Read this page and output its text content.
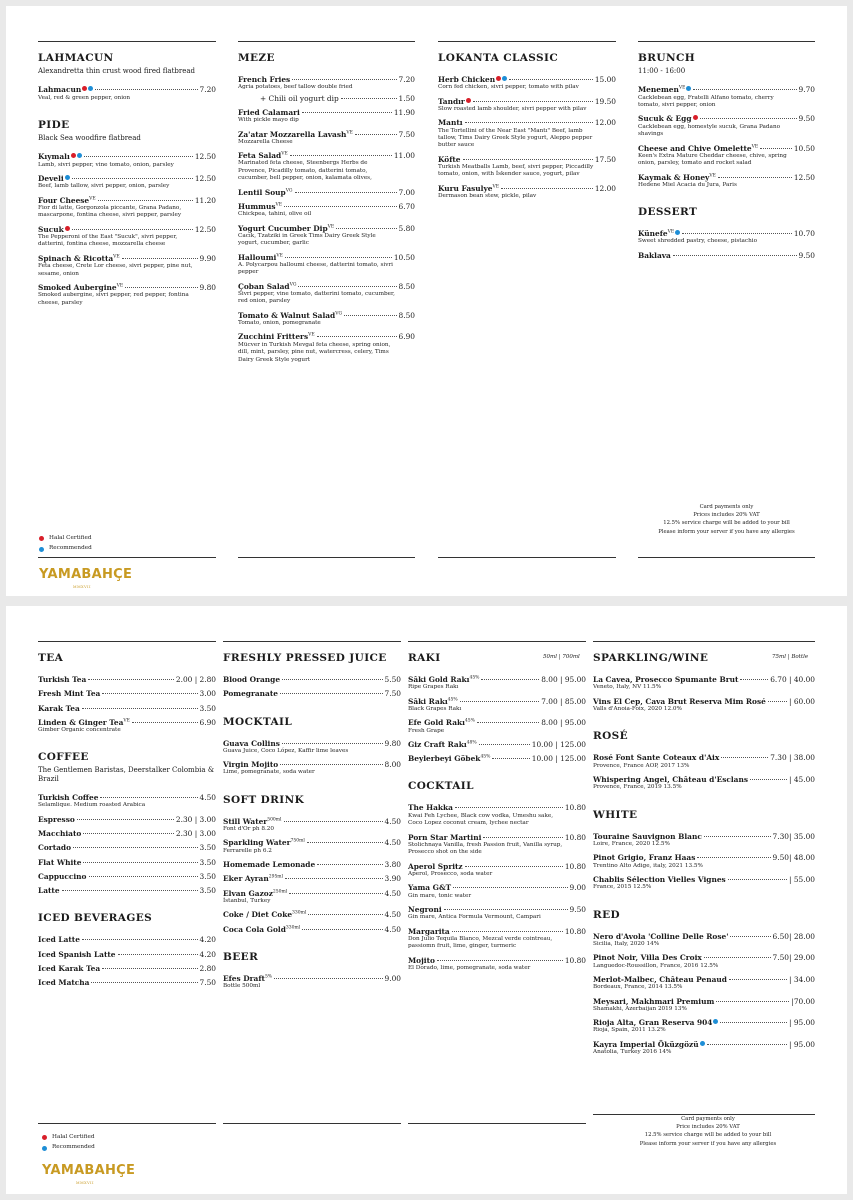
LAHMACUN
Alexandretta thin crust wood fired flatbread
Lahmacun	7.20
Veal, red & green pepper, onion
PIDE
Black Sea woodfire flatbread
Kıymalı	12.50
Lamb, sivri pepper, vine tomato, onion, parsley
Develi	12.50
Beef, lamb tallow, sivri pepper, onion, parsley
Four Cheese$^{VE}$	11.20
Fior di latte, Gorgonzola piccante, Grana Padano, mascarpone, fontina cheese, sivri pepper, parsley
Sucuk	12.50
The Pepperoni of the East "Sucuk", sivri pepper, datterini, fontina cheese, mozzarella cheese
Spinach & Ricotta$^{VE}$	9.90
Feta cheese, Crete Lor cheese, sivri pepper, pine nut, sesame, onion
Smoked Aubergine$^{VE}$	9.80
Smoked aubergine, sivri pepper, red pepper, fontina cheese, parsley
MEZE
French Fries	7.20
Agria potatoes, beef tallow double fried
+ Chili oil yogurt dip	1.50
Fried Calamari	11.90
With pickle mayo dip
Za'atar Mozzarella Lavash$^{VE}$	7.50
Mozzarella Cheese
Feta Salad$^{VE}$	11.00
Marinated feta cheese, Steenbergs Herbs de Provence, Picadilly tomato, datterini tomato, cucumber, bell pepper, onion, kalamata olives,
Lentil Soup$^{VG}$	7.00
Hummus$^{VE}$	6.70
Chickpea, tahini, olive oil
Yogurt Cucumber Dip$^{VE}$	5.80
Cacık, Tzatziki in Greek Tims Dairy Greek Style yogurt, cucumber, garlic
Halloumi$^{VE}$	10.50
A. Polycarpou halloumi cheese, datterini tomato, sivri pepper
Çoban Salad$^{VG}$	8.50
Sivri pepper, vine tomato, datterini tomato, cucumber, red onion, parsley
Tomato & Walnut Salad$^{VG}$	8.50
Tomato, onion, pomegranate
Zucchini Fritters$^{VE}$	6.90
Mücver in Turkish Mevgal feta cheese, spring onion, dill, mint, parsley, pine nut, watercress, celery, Tims Dairy Greek Style yogurt
LOKANTA CLASSIC
Herb Chicken	15.00
Corn fed chicken, sivri pepper, tomato with pilav
Tandır	19.50
Slow roasted lamb shoulder, sivri pepper with pilav
Mantı	12.00
The Tortellini of the Near East "Mantı" Beef, lamb tallow, Tims Dairy Greek Style yogurt, Aleppo pepper butter sauce
Köfte	17.50
Turkish Meatballs Lamb, beef, sivri pepper, Piccadilly tomato, onion, with İskender sauce, yogurt, pilav
Kuru Fasulye$^{VE}$	12.00
Dermason bean stew, pickle, pilav
BRUNCH
11:00 - 16:00
Menemen$^{VE}$	9.70
Cacklebean egg, Fratelli Alfano tomato, cherry tomato, sivri pepper, onion
Sucuk & Egg	9.50
Cacklebean egg, homestyle sucuk, Grana Padano shavings
Cheese and Chive Omelette$^{VE}$	10.50
Keen's Extra Mature Cheddar cheese, chive, spring onion, parsley, tomato and rocket salad
Kaymak & Honey$^{VE}$	12.50
Hedene Miel Acacia du Jura, Paris
DESSERT
Künefe$^{VE}$	10.70
Sweet shredded pastry, cheese, pistachio
Baklava	9.50
Card payments only
Prices includes 20% VAT
12.5% service charge will be added to your bill
Please inform your server if you have any allergies
Halal Certified
Recommended
YAMABAHÇE
MMXVII
TEA
Turkish Tea	2.00 | 2.80
Fresh Mint Tea	3.00
Karak Tea	3.50
Linden & Ginger Tea$^{VE}$	6.90
Gimber Organic concentrate
COFFEE
The Gentlemen Baristas, Deerstalker Colombia & Brazil
Turkish Coffee	4.50
Selamlique. Medium roasted Arabica
Espresso	2.30 | 3.00
Macchiato	2.30 | 3.00
Cortado	3.50
Flat White	3.50
Cappuccino	3.50
Latte	3.50
ICED BEVERAGES
Iced Latte	4.20
Iced Spanish Latte	4.20
Iced Karak Tea	2.80
Iced Matcha	7.50
FRESHLY PRESSED JUICE
Blood Orange	5.50
Pomegranate	7.50
MOCKTAIL
Guava Collins	9.80
Guava Juice, Coco López, Kaffir lime leaves
Virgin Mojito	8.00
Lime, pomegranate, soda water
SOFT DRINK
Still Water$^{500ml}$	4.50
Font d'Or ph 8.20
Sparkling Water$^{750ml}$	4.50
Ferrarelle ph 6.2
Homemade Lemonade	3.80
Eker Ayran$^{295ml}$	3.90
Elvan Gazoz$^{250ml}$	4.50
İstanbul, Turkey
Coke / Diet Coke$^{330ml}$	4.50
Coca Cola Gold$^{330ml}$	4.50
BEER
Efes Draft$^{5\%}$	9.00
Bottle 500ml
RAKI
Sâki Gold Rakı$^{45\%}$	8.00 | 95.00
Ripe Grapes Rakı
Sâki Rakı$^{45\%}$	7.00 | 85.00
Black Grapes Rakı
Efe Gold Rakı$^{45\%}$	8.00 | 95.00
Fresh Grape
Giz Craft Rakı$^{48\%}$	10.00 | 125.00
Beylerbeyi Göbek$^{45\%}$	10.00 | 125.00
COCKTAIL
The Hakka	10.80
Kwai Feh Lychee, Black cow vodka, Umeshu sake, Coco Lopez coconut cream, lychee nectar
Porn Star Martini	10.80
Stolichnaya Vanilla, fresh Passion fruit, Vanilla syrup, Prosecco shot on the side
Aperol Spritz	10.80
Aperol, Prosecco, soda water
Yama G&T	9.00
Gin mare, tonic water
Negroni	9.50
Gin mare, Antica Formula Vermount, Campari
Margarita	10.80
Don Julio Tequila Blanco, Mezcal verde cointreau, passiomn fruit, lime, ginger, turmeric
Mojito	10.80
El Dorado, lime, pomegranate, soda water
SPARKLING/WINE
La Cavea, Prosecco Spumante Brut	6.70 | 40.00
Veneto, Italy, NV 11.5%
Vins El Cep, Cava Brut Reserva Mim Rosé	| 60.00
Valls d'Anoia-Foix, 2020 12.0%
ROSÉ
Rosé Font Sante Coteaux d'Aix	7.30 | 38.00
Provence, France AOP, 2017 13%
Whispering Angel, Château d'Esclans	| 45.00
Provence, France, 2019 13.5%
WHITE
Touraine Sauvignon Blanc	7.30| 35.00
Loire, France, 2020 12.5%
Pinot Grigio, Franz Haas	9.50| 48.00
Trentino Alto Adige, italy, 2021 13.5%
Chablis Sélection Vielles Vignes	| 55.00
France, 2015 12.5%
RED
Nero d'Avola 'Colline Delle Rose'	6.50| 28.00
Sicilia, Italy, 2020 14%
Pinot Noir, Villa Des Croix	7.50| 29.00
Languedoc-Roussillon, France, 2016 12.5%
Merlot-Malbec, Château Penaud	| 34.00
Bordeaux, France, 2014 13.5%
Meysari, Makhmari Premium	|70.00
Shamakhi, Azerbaijan 2019 13%
Rioja Alta, Gran Reserva 904	| 95.00
Rioja, Spain, 2011 13.2%
Kayra Imperial Öküzgözü	| 95.00
Anatolia, Turkey 2016 14%
50ml | 700ml	75ml | Bottle
Card payments only
Price includes 20% VAT
12.5% service charge will be added to your bill
Please inform your server if you have any allergies
Halal Certified
Recommended
YAMABAHÇE
MMXVII
